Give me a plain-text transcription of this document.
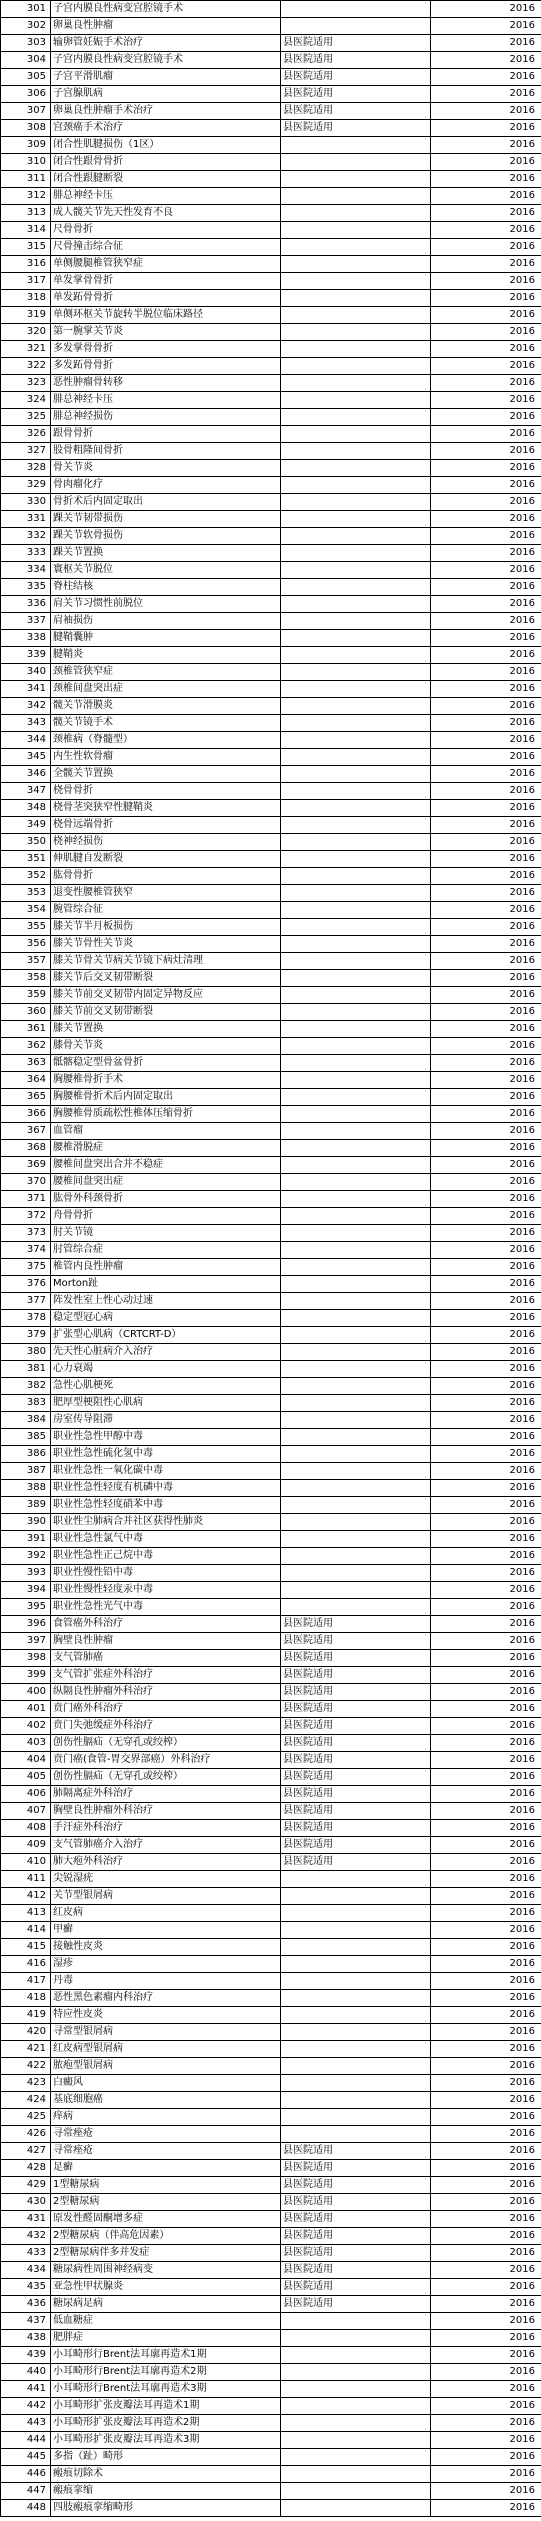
301	子宫内膜良性病变宫腔镜手术		2016
302	卵巢良性肿瘤		2016
303	输卵管妊娠手术治疗	县医院适用	2016
304	子宫内膜良性病变宫腔镜手术	县医院适用	2016
305	子宫平滑肌瘤	县医院适用	2016
306	子宫腺肌病	县医院适用	2016
307	卵巢良性肿瘤手术治疗	县医院适用	2016
308	宫颈癌手术治疗	县医院适用	2016
309	闭合性肌腱损伤（1区）		2016
310	闭合性跟骨骨折		2016
311	闭合性跟腱断裂		2016
312	腓总神经卡压		2016
313	成人髋关节先天性发育不良		2016
314	尺骨骨折		2016
315	尺骨撞击综合征		2016
316	单侧腰腿椎管狭窄症		2016
317	单发掌骨骨折		2016
318	单发跖骨骨折		2016
319	单侧环枢关节旋转半脱位临床路径		2016
320	第一腕掌关节炎		2016
321	多发掌骨骨折		2016
322	多发跖骨骨折		2016
323	恶性肿瘤骨转移		2016
324	腓总神经卡压		2016
325	腓总神经损伤		2016
326	跟骨骨折		2016
327	股骨粗隆间骨折		2016
328	骨关节炎		2016
329	骨肉瘤化疗		2016
330	骨折术后内固定取出		2016
331	踝关节韧带损伤		2016
332	踝关节软骨损伤		2016
333	踝关节置换		2016
334	寰枢关节脱位		2016
335	脊柱结核		2016
336	肩关节习惯性前脱位		2016
337	肩袖损伤		2016
338	腱鞘囊肿		2016
339	腱鞘炎		2016
340	颈椎管狭窄症		2016
341	颈椎间盘突出症		2016
342	髋关节滑膜炎		2016
343	髋关节镜手术		2016
344	颈椎病（脊髓型）		2016
345	内生性软骨瘤		2016
346	全髋关节置换		2016
347	桡骨骨折		2016
348	桡骨茎突狭窄性腱鞘炎		2016
349	桡骨远端骨折		2016
350	桡神经损伤		2016
351	伸肌腱自发断裂		2016
352	肱骨骨折		2016
353	退变性腰椎管狭窄		2016
354	腕管综合征		2016
355	膝关节半月板损伤		2016
356	膝关节骨性关节炎		2016
357	膝关节骨关节病关节镜下病灶清理		2016
358	膝关节后交叉韧带断裂		2016
359	膝关节前交叉韧带内固定异物反应		2016
360	膝关节前交叉韧带断裂		2016
361	膝关节置换		2016
362	膝骨关节炎		2016
363	骶髂稳定型骨盆骨折		2016
364	胸腰椎骨折手术		2016
365	胸腰椎骨折术后内固定取出		2016
366	胸腰椎骨质疏松性椎体压缩骨折		2016
367	血管瘤		2016
368	腰椎滑脱症		2016
369	腰椎间盘突出合并不稳症		2016
370	腰椎间盘突出症		2016
371	肱骨外科颈骨折		2016
372	舟骨骨折		2016
373	肘关节镜		2016
374	肘管综合症		2016
375	椎管内良性肿瘤		2016
376	Morton趾		2016
377	阵发性室上性心动过速		2016
378	稳定型冠心病		2016
379	扩张型心肌病（CRTCRT-D）		2016
380	先天性心脏病介入治疗		2016
381	心力衰竭		2016
382	急性心肌梗死		2016
383	肥厚型梗阻性心肌病		2016
384	房室传导阻滞		2016
385	职业性急性甲醇中毒		2016
386	职业性急性硫化氢中毒		2016
387	职业性急性一氧化碳中毒		2016
388	职业性急性轻度有机磷中毒		2016
389	职业性急性轻度硝苯中毒		2016
390	职业性尘肺病合并社区获得性肺炎		2016
391	职业性急性氯气中毒		2016
392	职业性急性正己烷中毒		2016
393	职业性慢性铅中毒		2016
394	职业性慢性轻度汞中毒		2016
395	职业性急性光气中毒		2016
396	食管癌外科治疗	县医院适用	2016
397	胸壁良性肿瘤	县医院适用	2016
398	支气管肺癌	县医院适用	2016
399	支气管扩张症外科治疗	县医院适用	2016
400	纵隔良性肿瘤外科治疗	县医院适用	2016
401	贲门癌外科治疗	县医院适用	2016
402	贲门失弛缓症外科治疗	县医院适用	2016
403	创伤性膈疝（无穿孔或绞榨）	县医院适用	2016
404	贲门癌(食管-胃交界部癌）外科治疗	县医院适用	2016
405	创伤性膈疝（无穿孔或绞榨）	县医院适用	2016
406	肺隔离症外科治疗	县医院适用	2016
407	胸壁良性肿瘤外科治疗	县医院适用	2016
408	手汗症外科治疗	县医院适用	2016
409	支气管肺癌介入治疗	县医院适用	2016
410	肺大疱外科治疗	县医院适用	2016
411	尖锐湿疣		2016
412	关节型银屑病		2016
413	红皮病		2016
414	甲癣		2016
415	接触性皮炎		2016
416	湿疹		2016
417	丹毒		2016
418	恶性黑色素瘤内科治疗		2016
419	特应性皮炎		2016
420	寻常型银屑病		2016
421	红皮病型银屑病		2016
422	脓疱型银屑病		2016
423	白癜风		2016
424	基底细胞癌		2016
425	痒病		2016
426	寻常痤疮		2016
427	寻常痤疮	县医院适用	2016
428	足癣	县医院适用	2016
429	1型糖尿病	县医院适用	2016
430	2型糖尿病	县医院适用	2016
431	原发性醛固酮增多症	县医院适用	2016
432	2型糖尿病（伴高危因素）	县医院适用	2016
433	2型糖尿病伴多并发症	县医院适用	2016
434	糖尿病性周围神经病变	县医院适用	2016
435	亚急性甲状腺炎	县医院适用	2016
436	糖尿病足病	县医院适用	2016
437	低血糖症		2016
438	肥胖症		2016
439	小耳畸形行Brent法耳廓再造术1期		2016
440	小耳畸形行Brent法耳廓再造术2期		2016
441	小耳畸形行Brent法耳廓再造术3期		2016
442	小耳畸形扩张皮瓣法耳再造术1期		2016
443	小耳畸形扩张皮瓣法耳再造术2期		2016
444	小耳畸形扩张皮瓣法耳再造术3期		2016
445	多指（趾）畸形		2016
446	瘢痕切除术		2016
447	瘢痕挛缩		2016
448	四肢瘢痕挛缩畸形		2016
